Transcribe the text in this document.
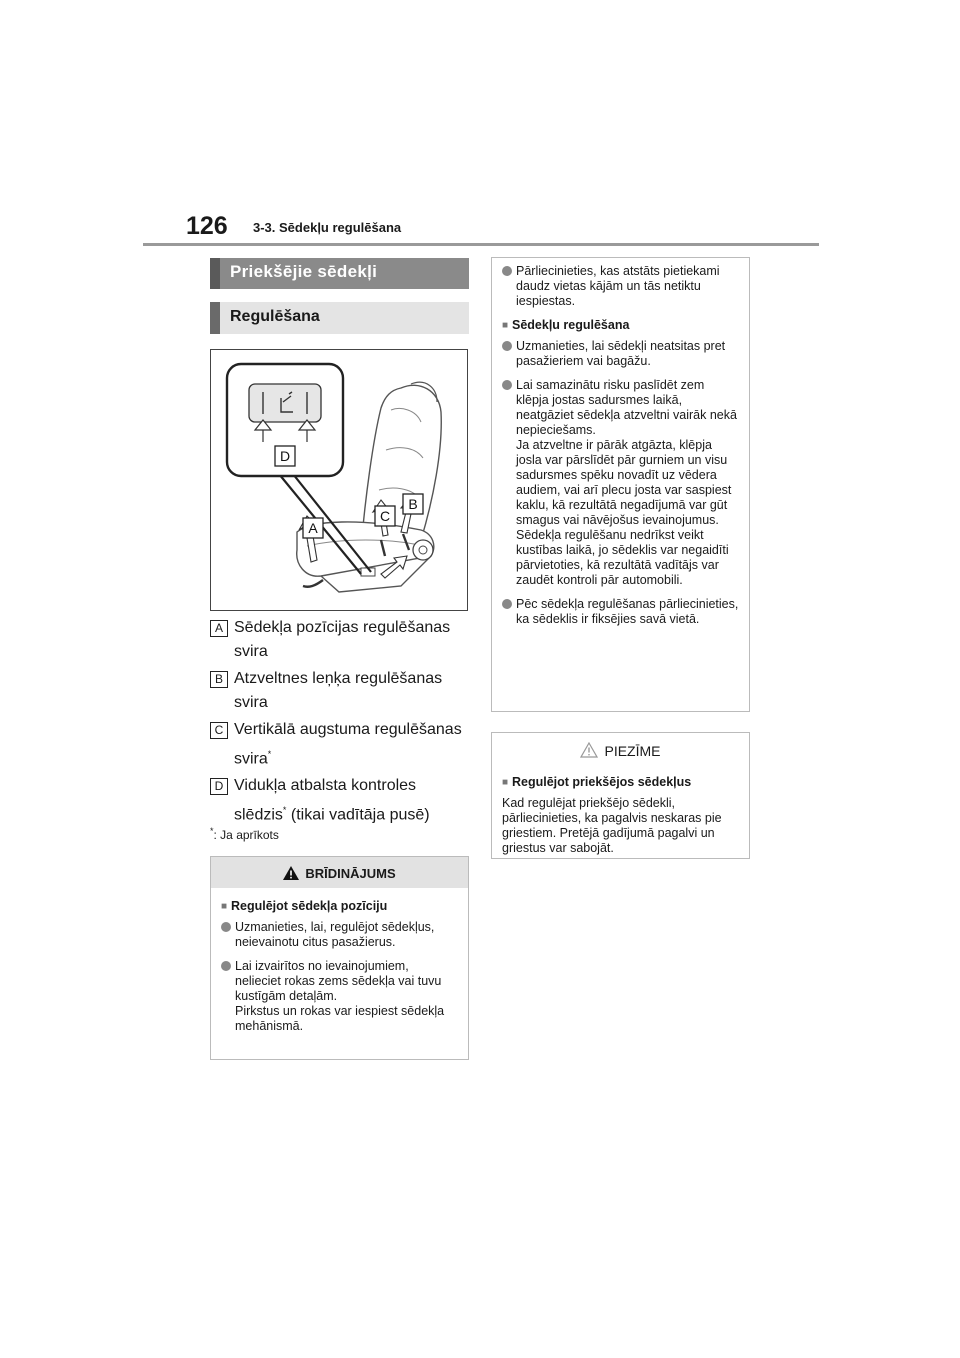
126 3-3. Sēdekļu regulēšana
Priekšējie sēdekļi
Regulēšana
D
A
C
B
A Sēdekļa pozīcijas regulēšanas svira
B Atzveltnes leņķa regulēšanas svira
C Vertikālā augstuma regulēšanas svira*
D Vidukļa atbalsta kontroles slēdzis* (tikai vadītāja pusē)
*: Ja aprīkots
BRĪDINĀJUMS
■ Regulējot sēdekļa pozīciju
Uzmanieties, lai, regulējot sēdekļus, neievainotu citus pasažierus.
Lai izvairītos no ievainojumiem, nelieciet rokas zems sēdekļa vai tuvu kustīgām detaļām.
Pirkstus un rokas var iespiest sēdekļa mehānismā.
Pārliecinieties, kas atstāts pietiekami daudz vietas kājām un tās netiktu iespiestas.
■ Sēdekļu regulēšana
Uzmanieties, lai sēdekļi neatsitas pret pasažieriem vai bagāžu.
Lai samazinātu risku paslīdēt zem klēpja jostas sadursmes laikā, neatgāziet sēdekļa atzveltni vairāk nekā nepieciešams.
Ja atzveltne ir pārāk atgāzta, klēpja josla var pārslīdēt pār gurniem un visu sadursmes spēku novadīt uz vēdera audiem, vai arī plecu josta var saspiest kaklu, kā rezultātā negadījumā var gūt smagus vai nāvējošus ievainojumus.
Sēdekļa regulēšanu nedrīkst veikt kustības laikā, jo sēdeklis var negaidīti pārvietoties, kā rezultātā vadītājs var zaudēt kontroli pār automobili.
Pēc sēdekļa regulēšanas pārliecinieties, ka sēdeklis ir fiksējies savā vietā.
PIEZĪME
■ Regulējot priekšējos sēdekļus
Kad regulējat priekšējo sēdekli, pārliecinieties, ka pagalvis neskaras pie griestiem. Pretējā gadījumā pagalvi un griestus var sabojāt.
